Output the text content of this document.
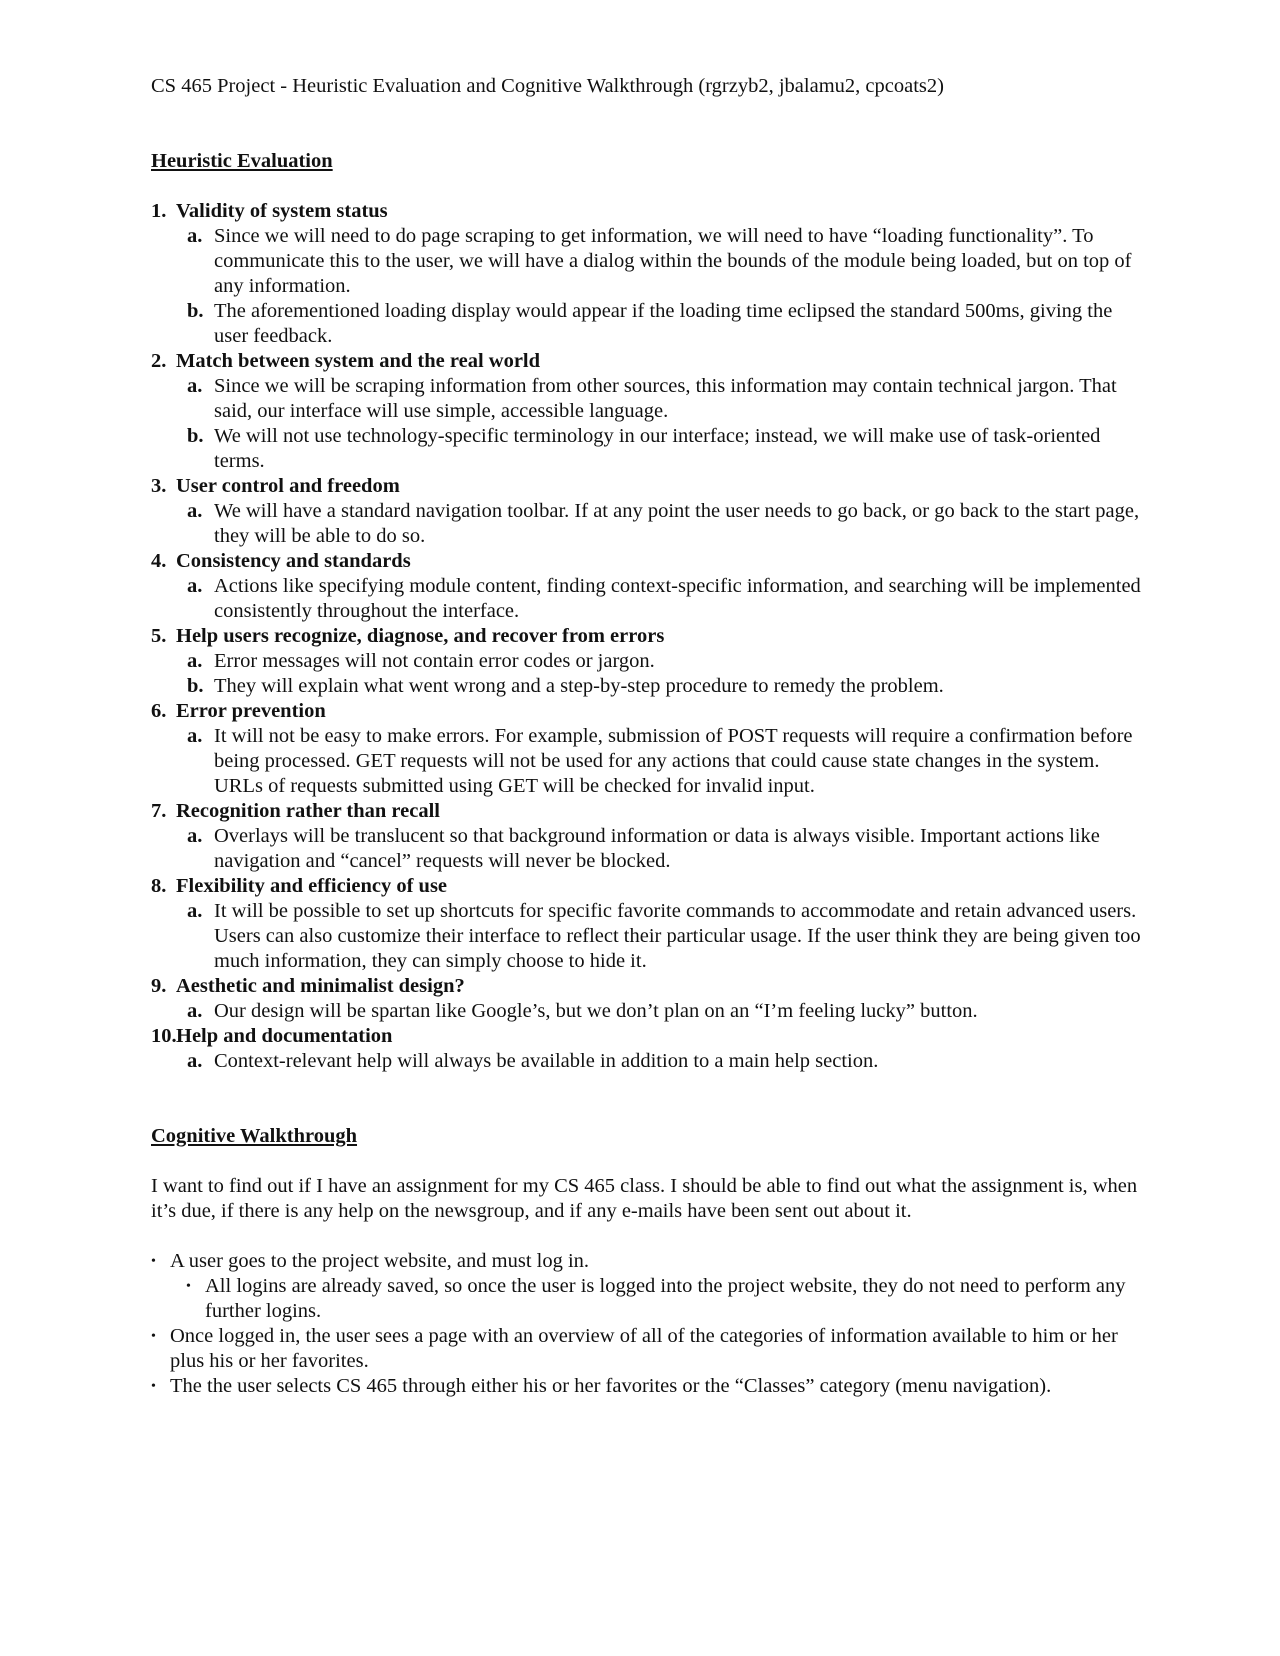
CS 465 Project - Heuristic Evaluation and Cognitive Walkthrough (rgrzyb2, jbalamu2, cpcoats2)

Heuristic Evaluation

1. Validity of system status
a. Since we will need to do page scraping to get information, we will need to have “loading functionality”. To communicate this to the user, we will have a dialog within the bounds of the module being loaded, but on top of any information.
b. The aforementioned loading display would appear if the loading time eclipsed the standard 500ms, giving the user feedback.
2. Match between system and the real world
a. Since we will be scraping information from other sources, this information may contain technical jargon. That said, our interface will use simple, accessible language.
b. We will not use technology-specific terminology in our interface; instead, we will make use of task-oriented terms.
3. User control and freedom
a. We will have a standard navigation toolbar. If at any point the user needs to go back, or go back to the start page, they will be able to do so.
4. Consistency and standards
a. Actions like specifying module content, finding context-specific information, and searching will be implemented consistently throughout the interface.
5. Help users recognize, diagnose, and recover from errors
a. Error messages will not contain error codes or jargon.
b. They will explain what went wrong and a step-by-step procedure to remedy the problem.
6. Error prevention
a. It will not be easy to make errors. For example, submission of POST requests will require a confirmation before being processed. GET requests will not be used for any actions that could cause state changes in the system. URLs of requests submitted using GET will be checked for invalid input.
7. Recognition rather than recall
a. Overlays will be translucent so that background information or data is always visible. Important actions like navigation and “cancel” requests will never be blocked.
8. Flexibility and efficiency of use
a. It will be possible to set up shortcuts for specific favorite commands to accommodate and retain advanced users. Users can also customize their interface to reflect their particular usage. If the user think they are being given too much information, they can simply choose to hide it.
9. Aesthetic and minimalist design?
a. Our design will be spartan like Google’s, but we don’t plan on an “I’m feeling lucky” button.
10. Help and documentation
a. Context-relevant help will always be available in addition to a main help section.

Cognitive Walkthrough

I want to find out if I have an assignment for my CS 465 class. I should be able to find out what the assignment is, when it’s due, if there is any help on the newsgroup, and if any e-mails have been sent out about it.

• A user goes to the project website, and must log in.
• All logins are already saved, so once the user is logged into the project website, they do not need to perform any further logins.
• Once logged in, the user sees a page with an overview of all of the categories of information available to him or her plus his or her favorites.
• The the user selects CS 465 through either his or her favorites or the “Classes” category (menu navigation).
